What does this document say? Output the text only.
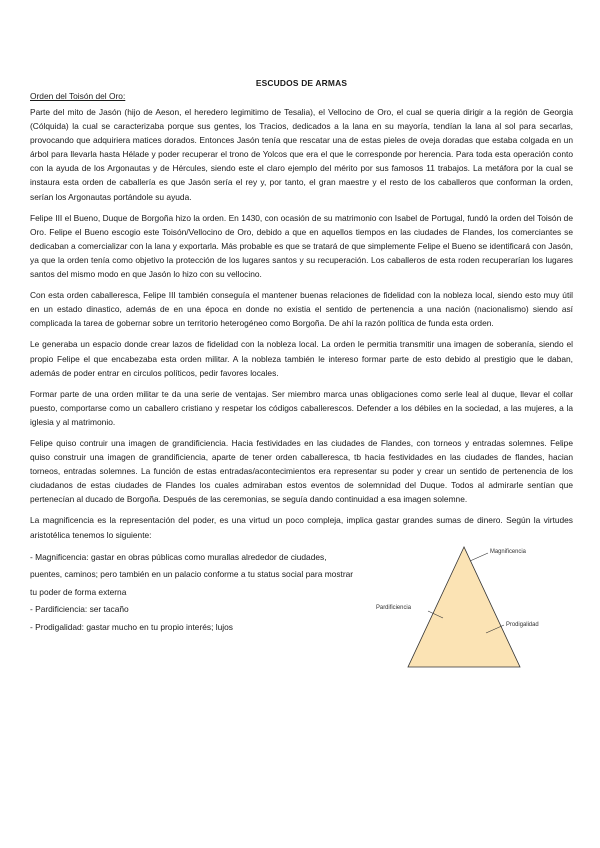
ESCUDOS DE ARMAS
Orden del Toisón del Oro:

Parte del mito de Jasón (hijo de Aeson, el heredero legimitimo de Tesalia), el Vellocino de Oro, el cual se queria dirigir a la región de Georgia (Cólquida) la cual se caracterizaba porque sus gentes, los Tracios, dedicados a la lana en su mayoría, tendían la lana al sol para secarlas, provocando que adquiriera matices dorados. Entonces Jasón tenía que rescatar una de estas pieles de oveja doradas que estaba colgada en un árbol para llevarla hasta Hélade y poder recuperar el trono de Yolcos que era el que le corresponde por herencia. Para toda esta operación conto con la ayuda de los Argonautas y de Hércules, siendo este el claro ejemplo del mérito por sus famosos 11 trabajos. La metáfora por la cual se instaura esta orden de caballería es que Jasón sería el rey y, por tanto, el gran maestre y el resto de los caballeros que conforman la orden, serían los Argonautas portándole su ayuda.

Felipe III el Bueno, Duque de Borgoña hizo la orden. En 1430, con ocasión de su matrimonio con Isabel de Portugal, fundó la orden del Toisón de Oro. Felipe el Bueno escogio este Toisón/Vellocino de Oro, debido a que en aquellos tiempos en las ciudades de Flandes, los comerciantes se dedicaban a comercializar con la lana y exportarla. Más probable es que se tratará de que simplemente Felipe el Bueno se identificará con Jasón, ya que la orden tenía como objetivo la protección de los lugares santos y su recuperación. Los caballeros de esta roden recuperarían los lugares santos del mismo modo en que Jasón lo hizo con su vellocino.

Con esta orden caballeresca, Felipe III también conseguía el mantener buenas relaciones de fidelidad con la nobleza local, siendo esto muy útil en un estado dinastico, además de en una época en donde no existia el sentido de pertenencia a una nación (nacionalismo) siendo así complicada la tarea de gobernar sobre un territorio heterogéneo como Borgoña. De ahí la razón política de funda esta orden.

Le generaba un espacio donde crear lazos de fidelidad con la nobleza local. La orden le permitia transmitir una imagen de soberanía, siendo el propio Felipe el que encabezaba esta orden militar. A la nobleza también le intereso formar parte de esto debido al prestigio que le daban, además de poder entrar en circulos políticos, pedir favores locales.

Formar parte de una orden militar te da una serie de ventajas. Ser miembro marca unas obligaciones como serle leal al duque, llevar el collar puesto, comportarse como un caballero cristiano y respetar los códigos caballerescos. Defender a los débiles en la sociedad, a las mujeres, a la iglesia y al matrimonio.

Felipe quiso contruir una imagen de grandificiencia. Hacia festividades en las ciudades de Flandes, con torneos y entradas solemnes. Felipe quiso construir una imagen de grandificiencia, aparte de tener orden caballeresca, tb hacia festividades en las ciudades de flandes, hacian torneos, entradas solemnes. La función de estas entradas/acontecimientos era representar su poder y crear un sentido de pertenencia de los ciudadanos de estas ciudades de Flandes los cuales admiraban estos eventos de solemnidad del Duque. Todos al admirarle sentían que pertenecían al ducado de Borgoña. Después de las ceremonias, se seguía dando continuidad a esa imagen solemne.

La magnificencia es la representación del poder, es una virtud un poco compleja, implica gastar grandes sumas de dinero. Según la virtudes aristotélica tenemos lo siguiente:

- Magnificencia: gastar en obras públicas como murallas alrededor de ciudades, puentes, caminos; pero también en un palacio conforme a tu status social para mostrar tu poder de forma externa

- Pardificiencia: ser tacaño

- Prodigalidad: gastar mucho en tu propio interés; lujos

Magnificencia
Pardificiencia
Prodigalidad
